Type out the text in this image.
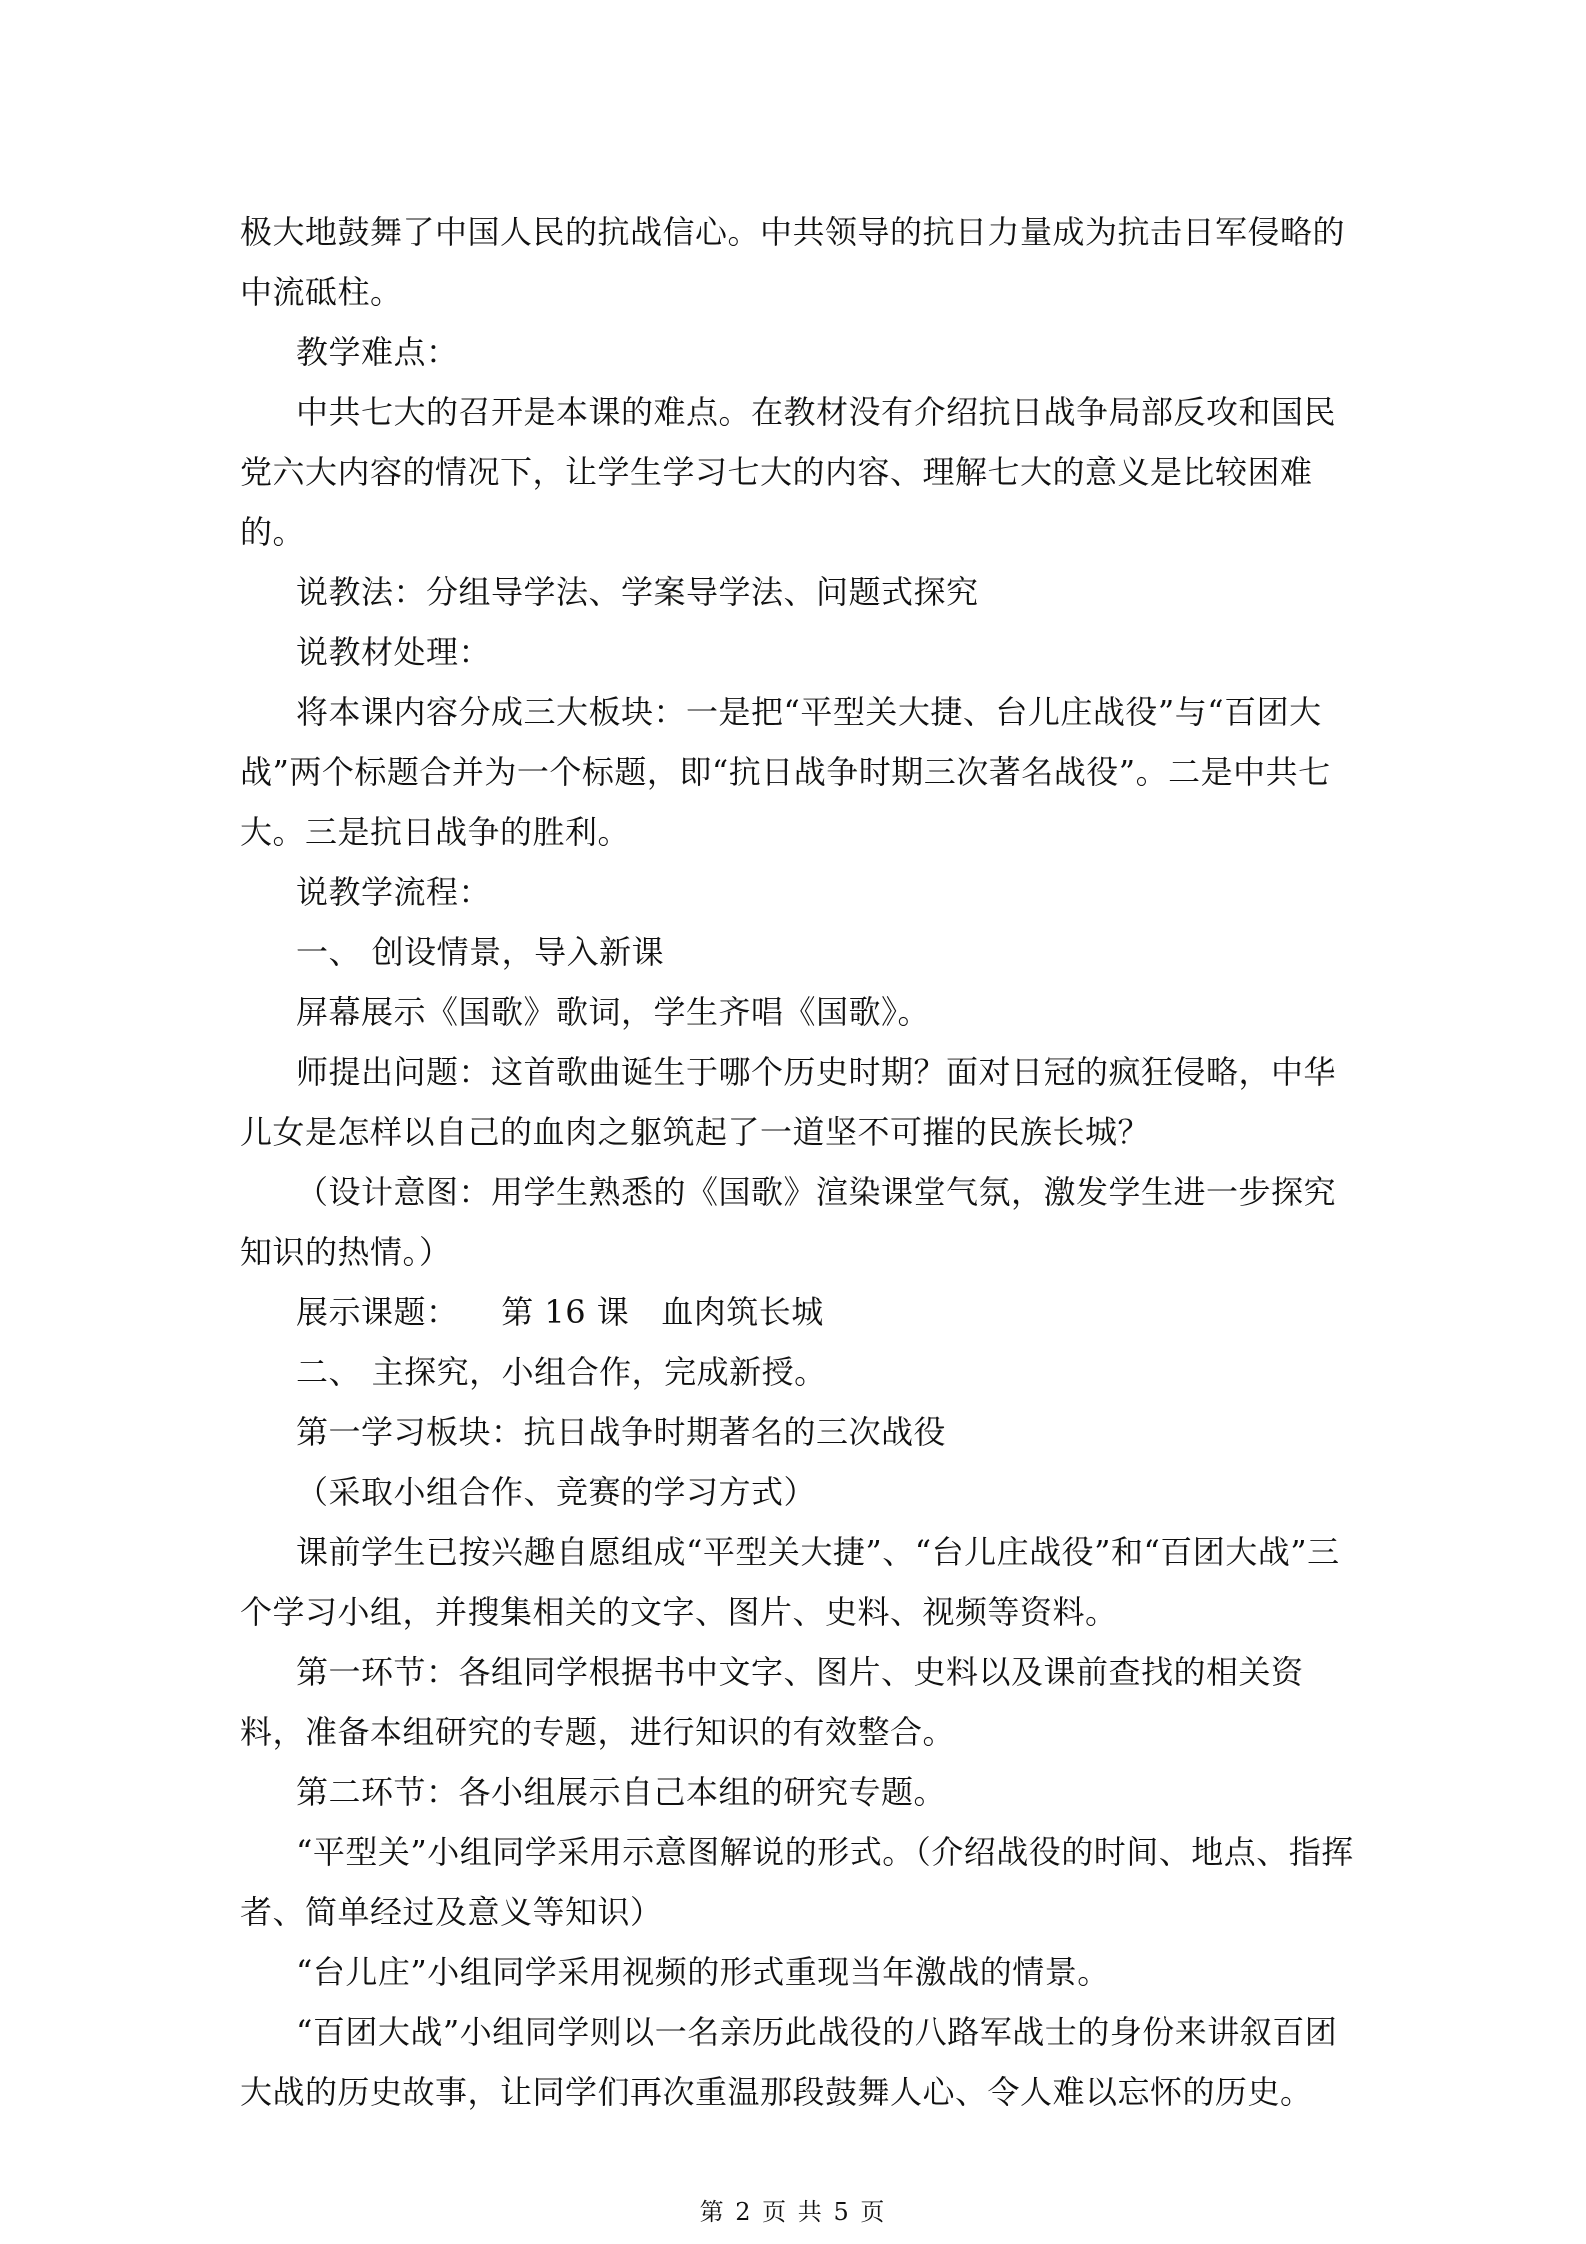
极大地鼓舞了中国人民的抗战信心。中共领导的抗日力量成为抗击日军侵略的中流砥柱。

教学难点：

中共七大的召开是本课的难点。在教材没有介绍抗日战争局部反攻和国民党六大内容的情况下，让学生学习七大的内容、理解七大的意义是比较困难的。

说教法：分组导学法、学案导学法、问题式探究

说教材处理：

将本课内容分成三大板块：一是把“平型关大捷、台儿庄战役”与“百团大战”两个标题合并为一个标题，即“抗日战争时期三次著名战役”。二是中共七大。三是抗日战争的胜利。

说教学流程：

一、 创设情景，导入新课

屏幕展示《国歌》歌词，学生齐唱《国歌》。

师提出问题：这首歌曲诞生于哪个历史时期？面对日冠的疯狂侵略，中华儿女是怎样以自己的血肉之躯筑起了一道坚不可摧的民族长城？

（设计意图：用学生熟悉的《国歌》渲染课堂气氛，激发学生进一步探究知识的热情。）

展示课题：    第 16 课   血肉筑长城

二、 主探究，小组合作，完成新授。

第一学习板块：抗日战争时期著名的三次战役

（采取小组合作、竞赛的学习方式）

课前学生已按兴趣自愿组成“平型关大捷”、“台儿庄战役”和“百团大战”三个学习小组，并搜集相关的文字、图片、史料、视频等资料。

第一环节：各组同学根据书中文字、图片、史料以及课前查找的相关资料，准备本组研究的专题，进行知识的有效整合。

第二环节：各小组展示自己本组的研究专题。

“平型关”小组同学采用示意图解说的形式。（介绍战役的时间、地点、指挥者、简单经过及意义等知识）

“台儿庄”小组同学采用视频的形式重现当年激战的情景。

“百团大战”小组同学则以一名亲历此战役的八路军战士的身份来讲叙百团大战的历史故事，让同学们再次重温那段鼓舞人心、令人难以忘怀的历史。

第 2 页 共 5 页
